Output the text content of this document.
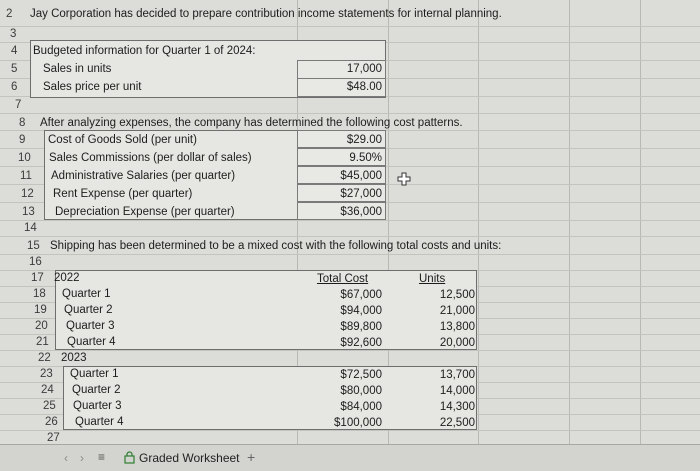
2
3
4
5
6
7
8
9
10
11
12
13
14
15
16
17
18
19
20
21
22
23
24
25
26
27
Jay Corporation has decided to prepare contribution income statements for internal planning.
Budgeted information for Quarter 1 of 2024:
Sales in units	17,000
Sales price per unit	$48.00
After analyzing expenses, the company has determined the following cost patterns.
Cost of Goods Sold (per unit)	$29.00
Sales Commissions (per dollar of sales)	9.50%
Administrative Salaries (per quarter)	$45,000
Rent Expense (per quarter)	$27,000
Depreciation Expense (per quarter)	$36,000
Shipping has been determined to be a mixed cost with the following total costs and units:
2022	Total Cost	Units
Quarter 1	$67,000	12,500
Quarter 2	$94,000	21,000
Quarter 3	$89,800	13,800
Quarter 4	$92,600	20,000
2023
Quarter 1	$72,500	13,700
Quarter 2	$80,000	14,000
Quarter 3	$84,000	14,300
Quarter 4	$100,000	22,500
‹ › ≡	Graded Worksheet +
